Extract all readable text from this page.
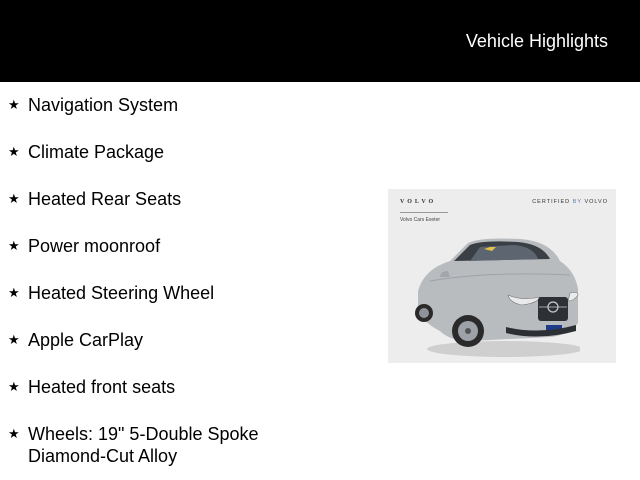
Vehicle Highlights
★ Navigation System
★ Climate Package
★ Heated Rear Seats
★ Power moonroof
★ Heated Steering Wheel
★ Apple CarPlay
★ Heated front seats
★ Wheels: 19" 5-Double Spoke
Diamond-Cut Alloy
VOLVO	CERTIFIED BY VOLVO
Volvo Cars Exeter
